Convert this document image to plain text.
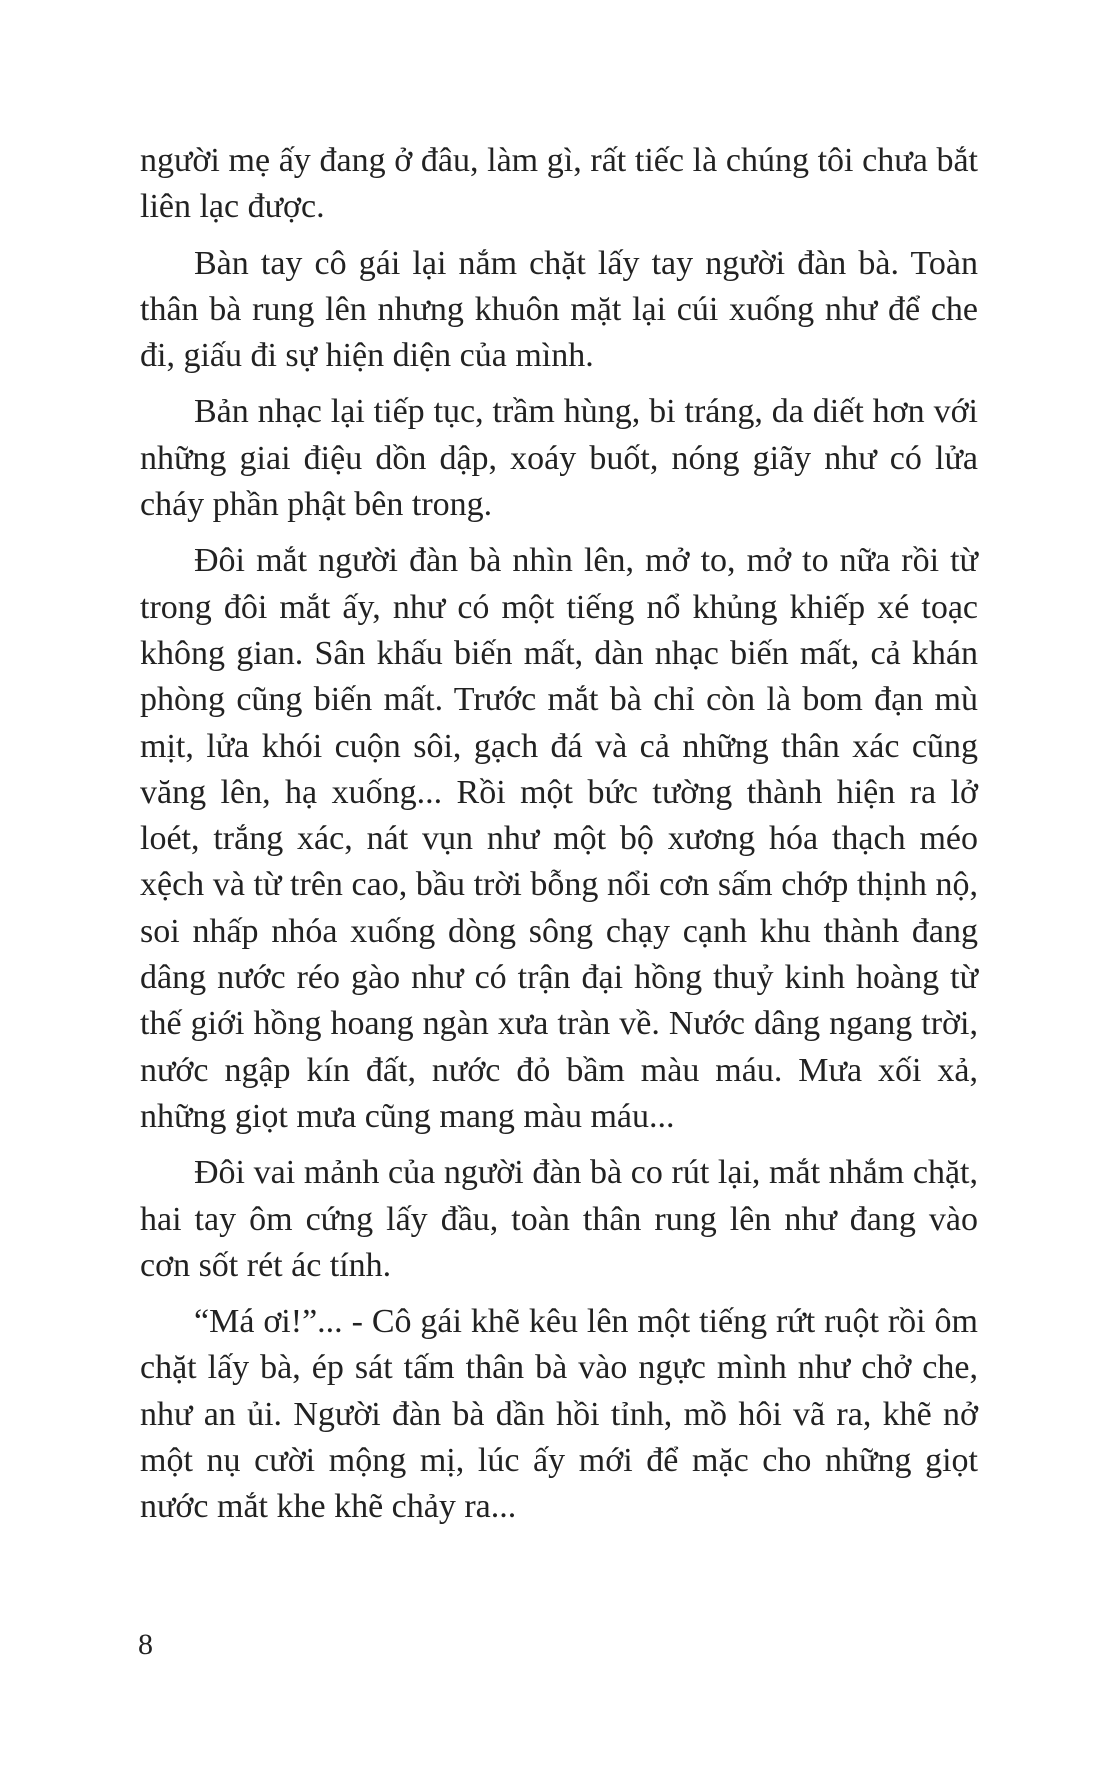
người mẹ ấy đang ở đâu, làm gì, rất tiếc là chúng tôi chưa bắt liên lạc được.

Bàn tay cô gái lại nắm chặt lấy tay người đàn bà. Toàn thân bà rung lên nhưng khuôn mặt lại cúi xuống như để che đi, giấu đi sự hiện diện của mình.

Bản nhạc lại tiếp tục, trầm hùng, bi tráng, da diết hơn với những giai điệu dồn dập, xoáy buốt, nóng giãy như có lửa cháy phần phật bên trong.

Đôi mắt người đàn bà nhìn lên, mở to, mở to nữa rồi từ trong đôi mắt ấy, như có một tiếng nổ khủng khiếp xé toạc không gian. Sân khấu biến mất, dàn nhạc biến mất, cả khán phòng cũng biến mất. Trước mắt bà chỉ còn là bom đạn mù mịt, lửa khói cuộn sôi, gạch đá và cả những thân xác cũng văng lên, hạ xuống... Rồi một bức tường thành hiện ra lở loét, trắng xác, nát vụn như một bộ xương hóa thạch méo xệch và từ trên cao, bầu trời bỗng nổi cơn sấm chớp thịnh nộ, soi nhấp nhóa xuống dòng sông chạy cạnh khu thành đang dâng nước réo gào như có trận đại hồng thuỷ kinh hoàng từ thế giới hồng hoang ngàn xưa tràn về. Nước dâng ngang trời, nước ngập kín đất, nước đỏ bầm màu máu. Mưa xối xả, những giọt mưa cũng mang màu máu...

Đôi vai mảnh của người đàn bà co rút lại, mắt nhắm chặt, hai tay ôm cứng lấy đầu, toàn thân rung lên như đang vào cơn sốt rét ác tính.

“Má ơi!”... - Cô gái khẽ kêu lên một tiếng rứt ruột rồi ôm chặt lấy bà, ép sát tấm thân bà vào ngực mình như chở che, như an ủi. Người đàn bà dần hồi tỉnh, mồ hôi vã ra, khẽ nở một nụ cười mộng mị, lúc ấy mới để mặc cho những giọt nước mắt khe khẽ chảy ra...

8
